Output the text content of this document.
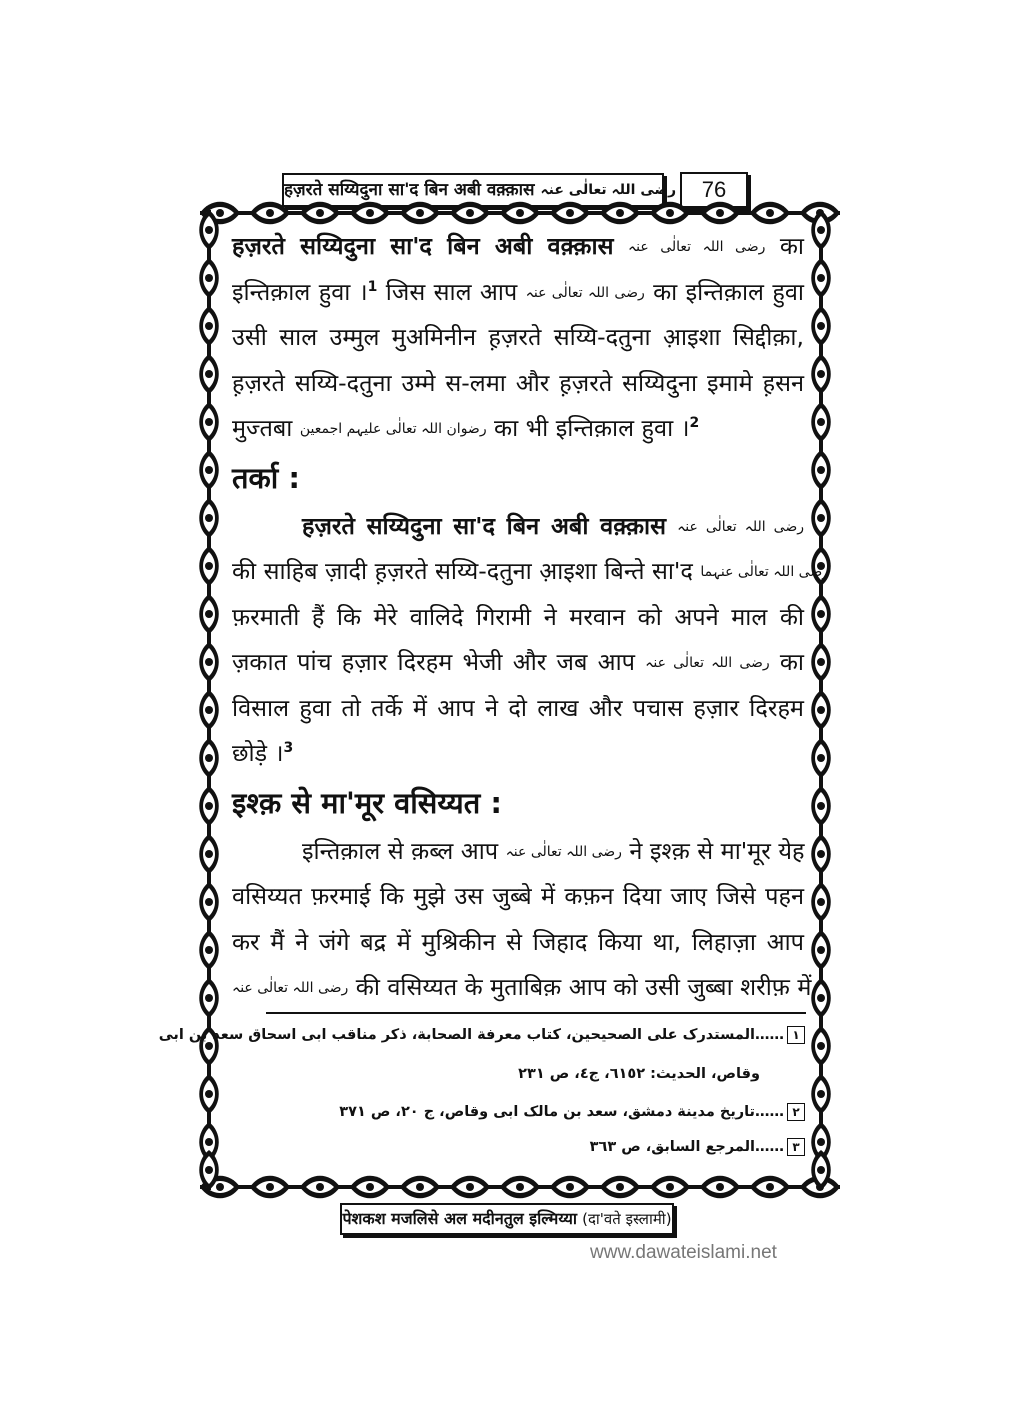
हज़रते सय्यिदुना सा'द बिन अबी वक़्क़ास رضی اللہ تعالٰی عنہ	76
हज़रते सय्यिदुना सा'द बिन अबी वक़्क़ास رضی اللہ تعالٰی عنہ का
इन्तिक़ाल हुवा ।$^1$ जिस साल आप رضی اللہ تعالٰی عنہ का इन्तिक़ाल हुवा
उसी साल उम्मुल मुअमिनीन ह़ज़रते सय्यि-दतुना आ़इशा सिद्दीक़ा,
ह़ज़रते सय्यि-दतुना उम्मे स-लमा और ह़ज़रते सय्यिदुना इमामे ह़सन
मुज्तबा رضوان اللہ تعالٰی علیہم اجمعین का भी इन्तिक़ाल हुवा ।$^2$
तर्का :
हज़रते सय्यिदुना सा'द बिन अबी वक़्क़ास رضی اللہ تعالٰی عنہ
की साहिब ज़ादी ह़ज़रते सय्यि-दतुना आ़इशा बिन्ते सा'द رضی اللہ تعالٰی عنہما
फ़रमाती हैं कि मेरे वालिदे गिरामी ने मरवान को अपने माल की
ज़कात पांच हज़ार दिरहम भेजी और जब आप رضی اللہ تعالٰی عنہ का
विसाल हुवा तो तर्के में आप ने दो लाख और पचास हज़ार दिरहम
छोड़े ।$^3$
इश्क़ से मा'मूर वसिय्यत :
इन्तिक़ाल से क़ब्ल आप رضی اللہ تعالٰی عنہ ने इश्क़ से मा'मूर येह
वसिय्यत फ़रमाई कि मुझे उस जुब्बे में कफ़न दिया जाए जिसे पहन
कर मैं ने जंगे बद्र में मुश्रिकीन से जिहाद किया था, लिहाज़ा आप
رضی اللہ تعالٰی عنہ की वसिय्यत के मुताबिक़ आप को उसी जुब्बा शरीफ़ में
١……المستدرک علی الصحیحین، کتاب معرفة الصحابة، ذکر مناقب ابی اسحاق سعد بن ابی
وقاص، الحدیث: ٦١٥٢، ج٤، ص ٢٣١
٢……تاریخ مدینة دمشق، سعد بن مالک ابی وقاص، ج ٢٠، ص ٣٧١
٣……المرجع السابق، ص ٣٦٣
पेशकश मजलिसे अल मदीनतुल इल्मिय्या (दा'वते इस्लामी)
www.dawateislami.net
